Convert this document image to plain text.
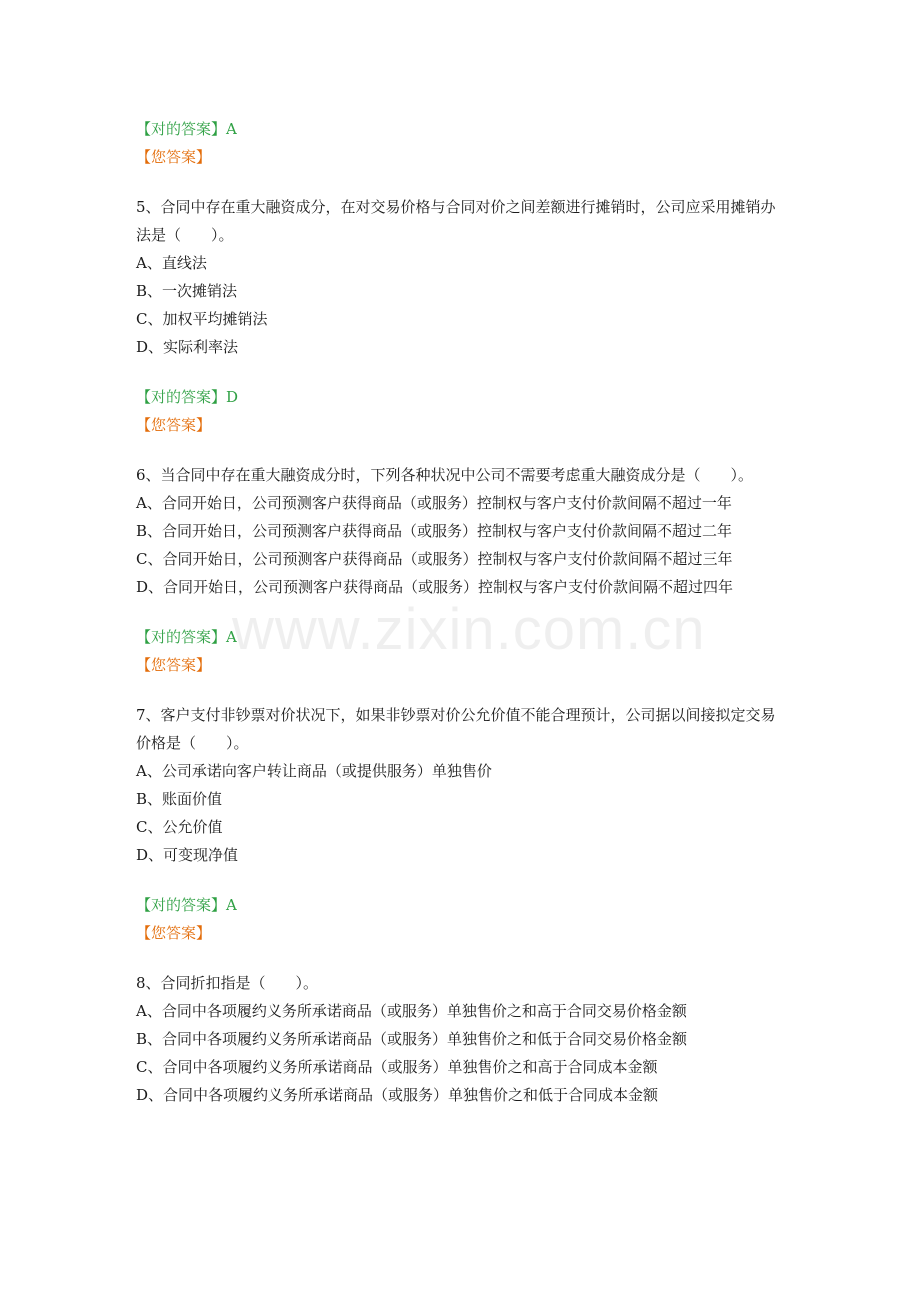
www.zixin.com.cn
【对的答案】A
【您答案】
5、合同中存在重大融资成分，在对交易价格与合同对价之间差额进行摊销时，公司应采用摊销办法是（　　）。
A、直线法
B、一次摊销法
C、加权平均摊销法
D、实际利率法
【对的答案】D
【您答案】
6、当合同中存在重大融资成分时，下列各种状况中公司不需要考虑重大融资成分是（　　）。
A、合同开始日，公司预测客户获得商品（或服务）控制权与客户支付价款间隔不超过一年
B、合同开始日，公司预测客户获得商品（或服务）控制权与客户支付价款间隔不超过二年
C、合同开始日，公司预测客户获得商品（或服务）控制权与客户支付价款间隔不超过三年
D、合同开始日，公司预测客户获得商品（或服务）控制权与客户支付价款间隔不超过四年
【对的答案】A
【您答案】
7、客户支付非钞票对价状况下，如果非钞票对价公允价值不能合理预计，公司据以间接拟定交易价格是（　　）。
A、公司承诺向客户转让商品（或提供服务）单独售价
B、账面价值
C、公允价值
D、可变现净值
【对的答案】A
【您答案】
8、合同折扣指是（　　）。
A、合同中各项履约义务所承诺商品（或服务）单独售价之和高于合同交易价格金额
B、合同中各项履约义务所承诺商品（或服务）单独售价之和低于合同交易价格金额
C、合同中各项履约义务所承诺商品（或服务）单独售价之和高于合同成本金额
D、合同中各项履约义务所承诺商品（或服务）单独售价之和低于合同成本金额
